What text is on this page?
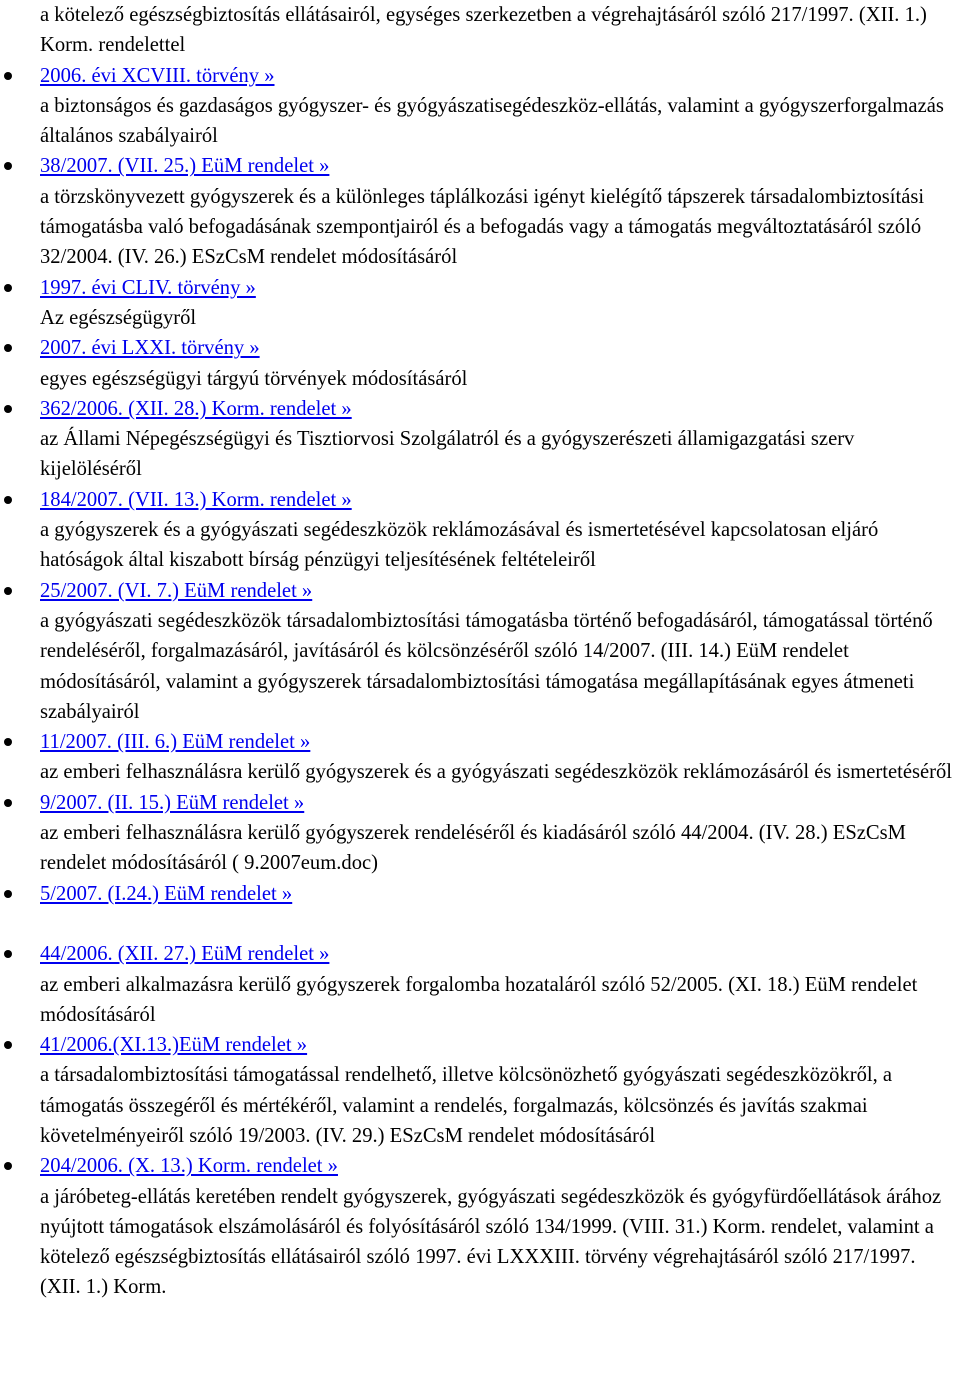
a kötelező egészségbiztosítás ellátásairól, egységes szerkezetben a végrehajtásáról szóló 217/1997. (XII. 1.) Korm. rendelettel

2006. évi XCVIII. törvény »
a biztonságos és gazdaságos gyógyszer- és gyógyászatisegédeszköz-ellátás, valamint a gyógyszerforgalmazás általános szabályairól
38/2007. (VII. 25.) EüM rendelet »
a törzskönyvezett gyógyszerek és a különleges táplálkozási igényt kielégítő tápszerek társadalombiztosítási támogatásba való befogadásának szempontjairól és a befogadás vagy a támogatás megváltoztatásáról szóló 32/2004. (IV. 26.) ESzCsM rendelet módosításáról
1997. évi CLIV. törvény »
Az egészségügyről
2007. évi LXXI. törvény »
egyes egészségügyi tárgyú törvények módosításáról
362/2006. (XII. 28.) Korm. rendelet »
az Állami Népegészségügyi és Tisztiorvosi Szolgálatról és a gyógyszerészeti államigazgatási szerv kijelöléséről
184/2007. (VII. 13.) Korm. rendelet »
a gyógyszerek és a gyógyászati segédeszközök reklámozásával és ismertetésével kapcsolatosan eljáró hatóságok által kiszabott bírság pénzügyi teljesítésének feltételeiről
25/2007. (VI. 7.) EüM rendelet »
a gyógyászati segédeszközök társadalombiztosítási támogatásba történő befogadásáról, támogatással történő rendeléséről, forgalmazásáról, javításáról és kölcsönzéséről szóló 14/2007. (III. 14.) EüM rendelet módosításáról, valamint a gyógyszerek társadalombiztosítási támogatása megállapításának egyes átmeneti szabályairól
11/2007. (III. 6.) EüM rendelet »
az emberi felhasználásra kerülő gyógyszerek és a gyógyászati segédeszközök reklámozásáról és ismertetéséről
9/2007. (II. 15.) EüM rendelet »
az emberi felhasználásra kerülő gyógyszerek rendeléséről és kiadásáról szóló 44/2004. (IV. 28.) ESzCsM rendelet módosításáról ( 9.2007eum.doc)
5/2007. (I.24.) EüM rendelet »
44/2006. (XII. 27.) EüM rendelet »
az emberi alkalmazásra kerülő gyógyszerek forgalomba hozataláról szóló 52/2005. (XI. 18.) EüM rendelet módosításáról
41/2006.(XI.13.)EüM rendelet »
a társadalombiztosítási támogatással rendelhető, illetve kölcsönözhető gyógyászati segédeszközökről, a támogatás összegéről és mértékéről, valamint a rendelés, forgalmazás, kölcsönzés és javítás szakmai követelményeiről szóló 19/2003. (IV. 29.) ESzCsM rendelet módosításáról
204/2006. (X. 13.) Korm. rendelet »
a járóbeteg-ellátás keretében rendelt gyógyszerek, gyógyászati segédeszközök és gyógyfürdőellátások árához nyújtott támogatások elszámolásáról és folyósításáról szóló 134/1999. (VIII. 31.) Korm. rendelet, valamint a kötelező egészségbiztosítás ellátásairól szóló 1997. évi LXXXIII. törvény végrehajtásáról szóló 217/1997. (XII. 1.) Korm.
